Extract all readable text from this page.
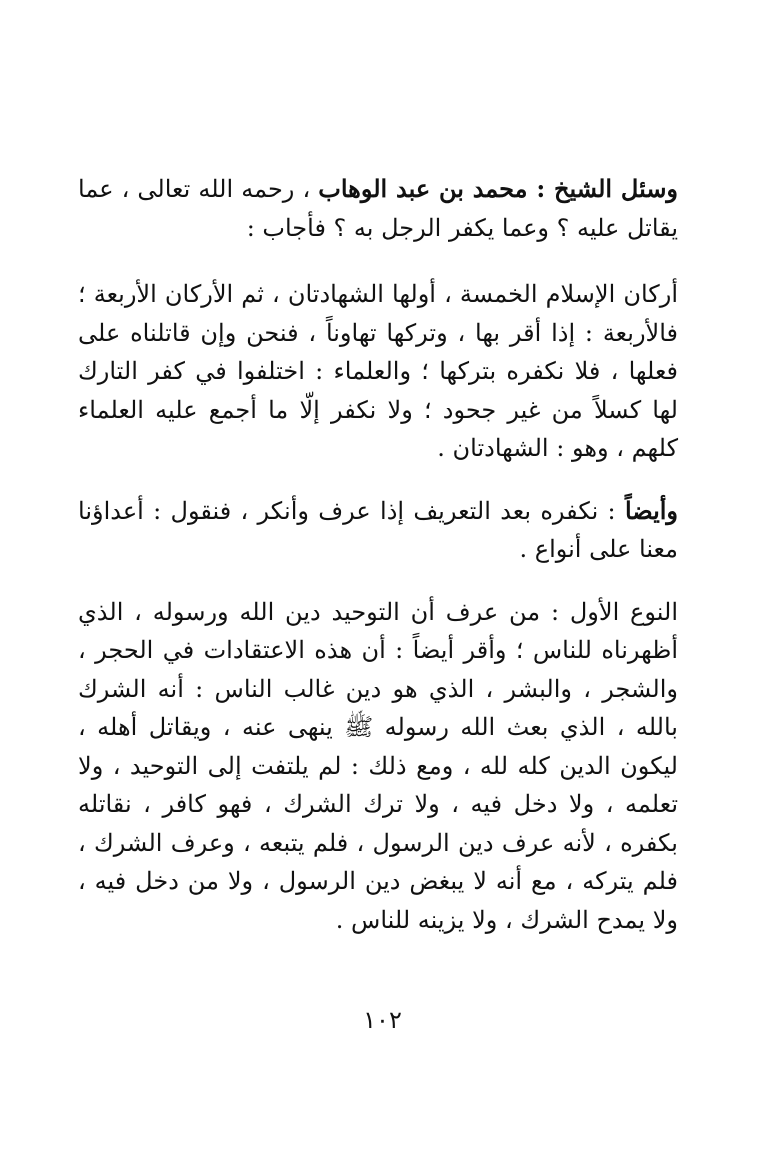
وسئل الشيخ : محمد بن عبد الوهاب ، رحمه الله تعالى ، عما يقاتل عليه ؟ وعما يكفر الرجل به ؟ فأجاب :

أركان الإسلام الخمسة ، أولها الشهادتان ، ثم الأركان الأربعة ؛ فالأربعة : إذا أقر بها ، وتركها تهاوناً ، فنحن وإن قاتلناه على فعلها ، فلا نكفره بتركها ؛ والعلماء : اختلفوا في كفر التارك لها كسلاً من غير جحود ؛ ولا نكفر إلّا ما أجمع عليه العلماء كلهم ، وهو : الشهادتان .

وأيضاً : نكفره بعد التعريف إذا عرف وأنكر ، فنقول : أعداؤنا معنا على أنواع .

النوع الأول : من عرف أن التوحيد دين الله ورسوله ، الذي أظهرناه للناس ؛ وأقر أيضاً : أن هذه الاعتقادات في الحجر ، والشجر ، والبشر ، الذي هو دين غالب الناس : أنه الشرك بالله ، الذي بعث الله رسوله ﷺ ينهى عنه ، ويقاتل أهله ، ليكون الدين كله لله ، ومع ذلك : لم يلتفت إلى التوحيد ، ولا تعلمه ، ولا دخل فيه ، ولا ترك الشرك ، فهو كافر ، نقاتله بكفره ، لأنه عرف دين الرسول ، فلم يتبعه ، وعرف الشرك ، فلم يتركه ، مع أنه لا يبغض دين الرسول ، ولا من دخل فيه ، ولا يمدح الشرك ، ولا يزينه للناس .

١٠٢
